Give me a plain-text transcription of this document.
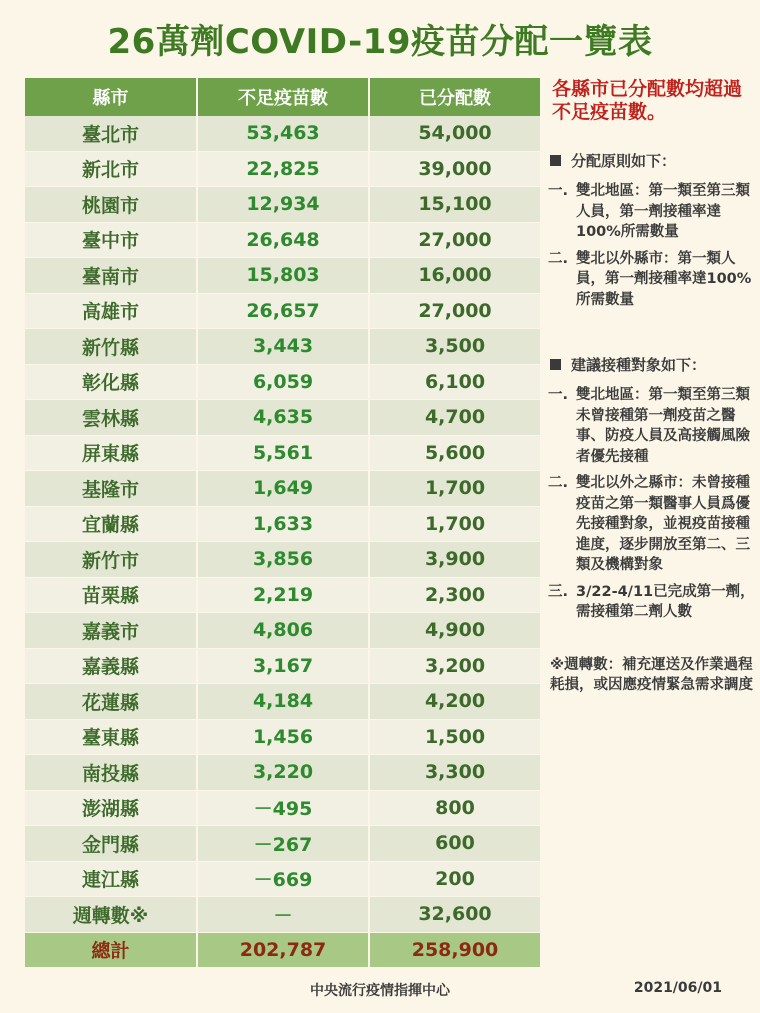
26萬劑COVID-19疫苗分配一覽表
縣市	不足疫苗數	已分配數
臺北市	53,463	54,000
新北市	22,825	39,000
桃園市	12,934	15,100
臺中市	26,648	27,000
臺南市	15,803	16,000
高雄市	26,657	27,000
新竹縣	3,443	3,500
彰化縣	6,059	6,100
雲林縣	4,635	4,700
屏東縣	5,561	5,600
基隆市	1,649	1,700
宜蘭縣	1,633	1,700
新竹市	3,856	3,900
苗栗縣	2,219	2,300
嘉義市	4,806	4,900
嘉義縣	3,167	3,200
花蓮縣	4,184	4,200
臺東縣	1,456	1,500
南投縣	3,220	3,300
澎湖縣	－495	800
金門縣	－267	600
連江縣	－669	200
週轉數※	－	32,600
總計	202,787	258,900
各縣市已分配數均超過不足疫苗數。
分配原則如下：
一. 雙北地區：第一類至第三類人員，第一劑接種率達100%所需數量
二. 雙北以外縣市：第一類人員，第一劑接種率達100%所需數量
建議接種對象如下：
一. 雙北地區：第一類至第三類未曾接種第一劑疫苗之醫事、防疫人員及高接觸風險者優先接種
二. 雙北以外之縣市：未曾接種疫苗之第一類醫事人員爲優先接種對象，並視疫苗接種進度，逐步開放至第二、三類及機構對象
三. 3/22-4/11已完成第一劑，需接種第二劑人數
※週轉數：補充運送及作業過程耗損，或因應疫情緊急需求調度
中央流行疫情指揮中心	2021/06/01
